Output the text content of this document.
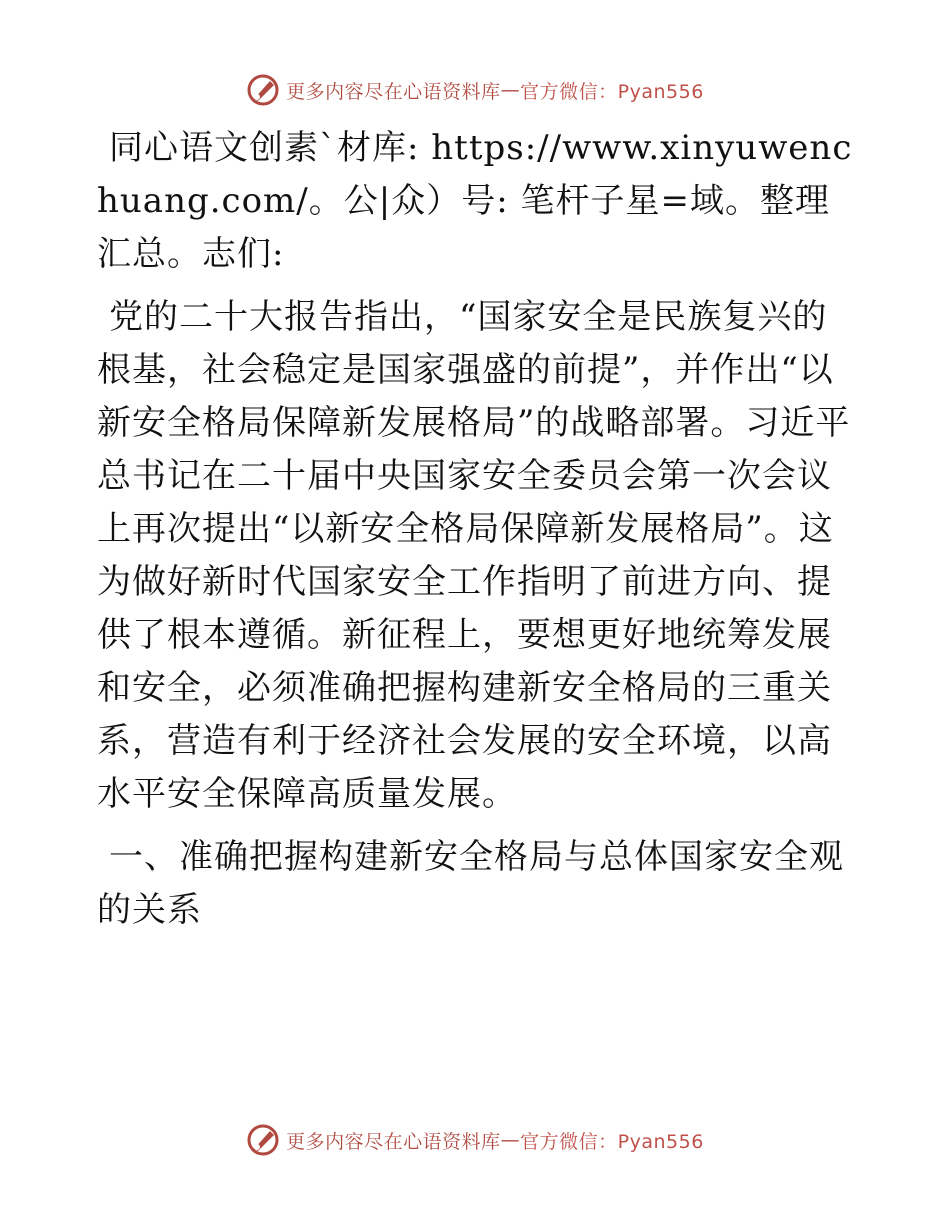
更多内容尽在心语资料库 — 官方微信：Pyan556

同心语文创素`材库: https://www.xinyuwenchuang.com/。公|众）号: 笔杆子星=域。整理汇总。志们:

党的二十大报告指出，“国家安全是民族复兴的根基，社会稳定是国家强盛的前提”，并作出“以新安全格局保障新发展格局”的战略部署。习近平总书记在二十届中央国家安全委员会第一次会议上再次提出“以新安全格局保障新发展格局”。这为做好新时代国家安全工作指明了前进方向、提供了根本遵循。新征程上，要想更好地统筹发展和安全，必须准确把握构建新安全格局的三重关系，营造有利于经济社会发展的安全环境，以高水平安全保障高质量发展。

一、准确把握构建新安全格局与总体国家安全观的关系

更多内容尽在心语资料库 — 官方微信：Pyan556
